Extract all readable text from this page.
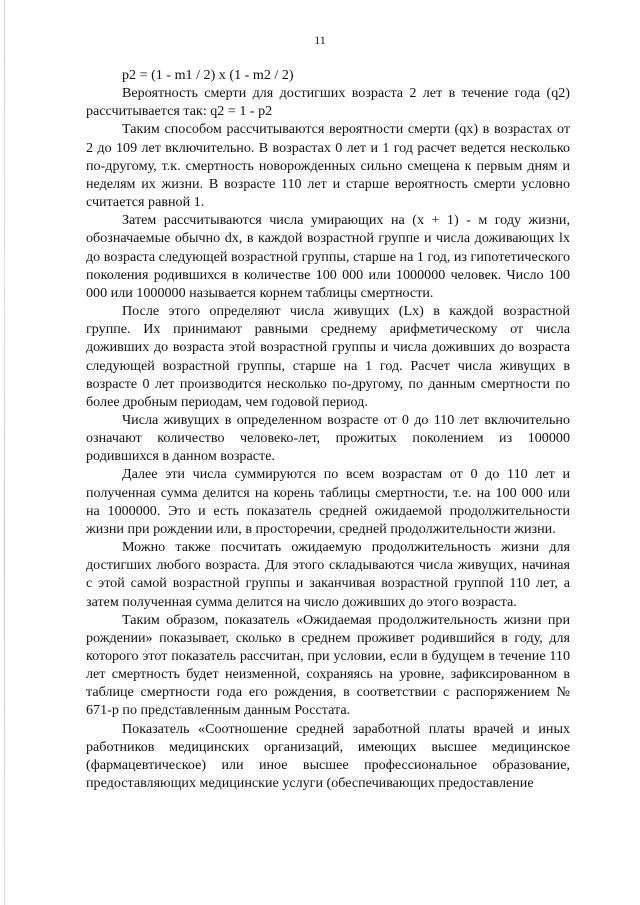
11

p2 = (1 - m1 / 2) x (1 - m2 / 2)

Вероятность смерти для достигших возраста 2 лет в течение года (q2) рассчитывается так: q2 = 1 - p2

Таким способом рассчитываются вероятности смерти (qx) в возрастах от 2 до 109 лет включительно. В возрастах 0 лет и 1 год расчет ведется несколько по-другому, т.к. смертность новорожденных сильно смещена к первым дням и неделям их жизни. В возрасте 110 лет и старше вероятность смерти условно считается равной 1.

Затем рассчитываются числа умирающих на (x + 1) - м году жизни, обозначаемые обычно dx, в каждой возрастной группе и числа доживающих lx до возраста следующей возрастной группы, старше на 1 год, из гипотетического поколения родившихся в количестве 100 000 или 1000000 человек. Число 100 000 или 1000000 называется корнем таблицы смертности.

После этого определяют числа живущих (Lx) в каждой возрастной группе. Их принимают равными среднему арифметическому от числа доживших до возраста этой возрастной группы и числа доживших до возраста следующей возрастной группы, старше на 1 год. Расчет числа живущих в возрасте 0 лет производится несколько по-другому, по данным смертности по более дробным периодам, чем годовой период.

Числа живущих в определенном возрасте от 0 до 110 лет включительно означают количество человеко-лет, прожитых поколением из 100000 родившихся в данном возрасте.

Далее эти числа суммируются по всем возрастам от 0 до 110 лет и полученная сумма делится на корень таблицы смертности, т.е. на 100 000 или на 1000000. Это и есть показатель средней ожидаемой продолжительности жизни при рождении или, в просторечии, средней продолжительности жизни.

Можно также посчитать ожидаемую продолжительность жизни для достигших любого возраста. Для этого складываются числа живущих, начиная с этой самой возрастной группы и заканчивая возрастной группой 110 лет, а затем полученная сумма делится на число доживших до этого возраста.

Таким образом, показатель «Ожидаемая продолжительность жизни при рождении» показывает, сколько в среднем проживет родившийся в году, для которого этот показатель рассчитан, при условии, если в будущем в течение 110 лет смертность будет неизменной, сохраняясь на уровне, зафиксированном в таблице смертности года его рождения, в соответствии с распоряжением № 671-р по представленным данным Росстата.

Показатель «Соотношение средней заработной платы врачей и иных работников медицинских организаций, имеющих высшее медицинское (фармацевтическое) или иное высшее профессиональное образование, предоставляющих медицинские услуги (обеспечивающих предоставление
